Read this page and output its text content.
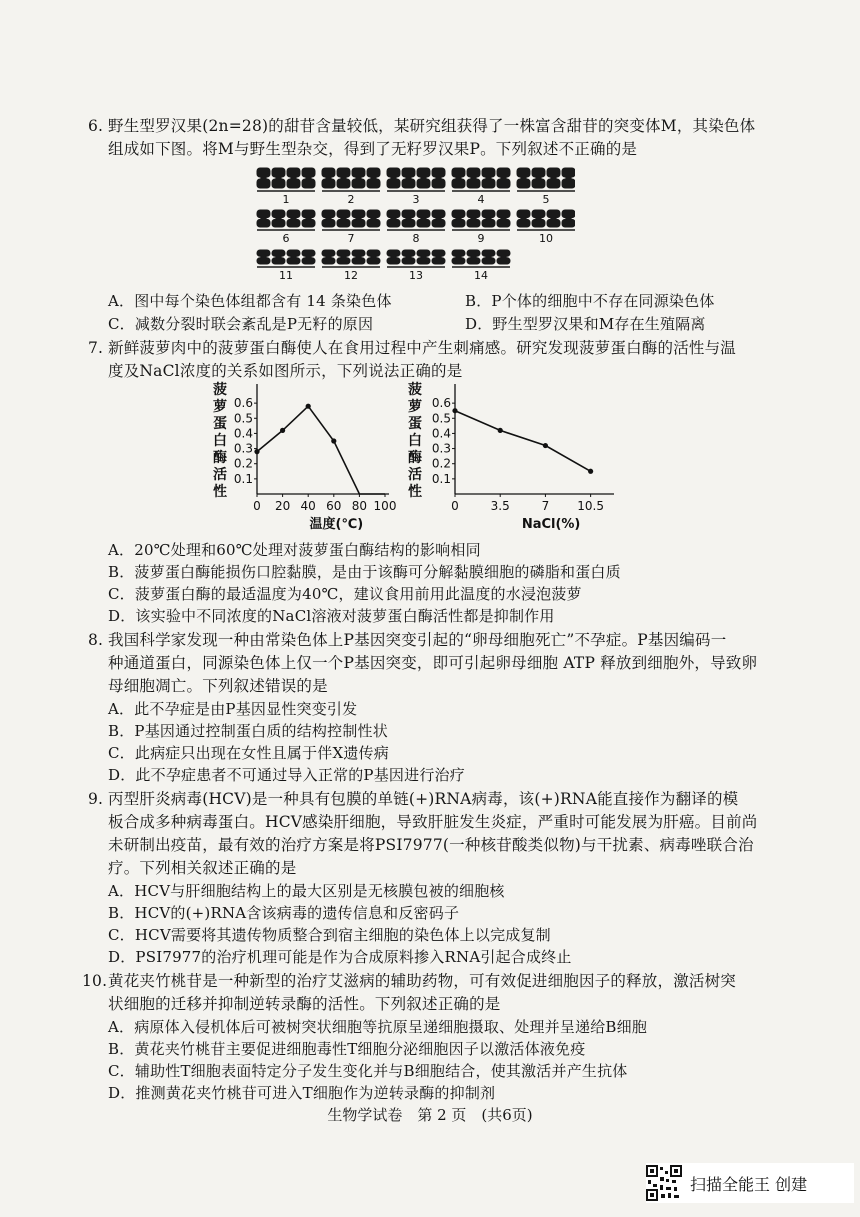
6. 野生型罗汉果(2n=28)的甜苷含量较低，某研究组获得了一株富含甜苷的突变体M，其染色体
组成如下图。将M与野生型杂交，得到了无籽罗汉果P。下列叙述不正确的是
1	2	3	4	5
6	7	8	9	10
11	12	13	14
A．图中每个染色体组都含有 14 条染色体	B．P个体的细胞中不存在同源染色体
C．减数分裂时联会紊乱是P无籽的原因	D．野生型罗汉果和M存在生殖隔离
7. 新鲜菠萝肉中的菠萝蛋白酶使人在食用过程中产生刺痛感。研究发现菠萝蛋白酶的活性与温
度及NaCl浓度的关系如图所示，下列说法正确的是
菠萝蛋白酶活性
0.1
0.2
0.3
0.4
0.5
0.6
0 20 40 60 80 100
温度(℃)
菠萝蛋白酶活性
0.1
0.2
0.3
0.4
0.5
0.6
0	3.5	7 10.5
NaCl(%)
A．20℃处理和60℃处理对菠萝蛋白酶结构的影响相同
B．菠萝蛋白酶能损伤口腔黏膜，是由于该酶可分解黏膜细胞的磷脂和蛋白质
C．菠萝蛋白酶的最适温度为40℃，建议食用前用此温度的水浸泡菠萝
D．该实验中不同浓度的NaCl溶液对菠萝蛋白酶活性都是抑制作用
8. 我国科学家发现一种由常染色体上P基因突变引起的“卵母细胞死亡”不孕症。P基因编码一
种通道蛋白，同源染色体上仅一个P基因突变，即可引起卵母细胞 ATP 释放到细胞外，导致卵
母细胞凋亡。下列叙述错误的是
A．此不孕症是由P基因显性突变引发
B．P基因通过控制蛋白质的结构控制性状
C．此病症只出现在女性且属于伴X遗传病
D．此不孕症患者不可通过导入正常的P基因进行治疗
9. 丙型肝炎病毒(HCV)是一种具有包膜的单链(+)RNA病毒，该(+)RNA能直接作为翻译的模
板合成多种病毒蛋白。HCV感染肝细胞，导致肝脏发生炎症，严重时可能发展为肝癌。目前尚
未研制出疫苗，最有效的治疗方案是将PSI7977(一种核苷酸类似物)与干扰素、病毒唑联合治
疗。下列相关叙述正确的是
A．HCV与肝细胞结构上的最大区别是无核膜包被的细胞核
B．HCV的(+)RNA含该病毒的遗传信息和反密码子
C．HCV需要将其遗传物质整合到宿主细胞的染色体上以完成复制
D．PSI7977的治疗机理可能是作为合成原料掺入RNA引起合成终止
10. 黄花夹竹桃苷是一种新型的治疗艾滋病的辅助药物，可有效促进细胞因子的释放，激活树突
状细胞的迁移并抑制逆转录酶的活性。下列叙述正确的是
A．病原体入侵机体后可被树突状细胞等抗原呈递细胞摄取、处理并呈递给B细胞
B．黄花夹竹桃苷主要促进细胞毒性T细胞分泌细胞因子以激活体液免疫
C．辅助性T细胞表面特定分子发生变化并与B细胞结合，使其激活并产生抗体
D．推测黄花夹竹桃苷可进入T细胞作为逆转录酶的抑制剂
生物学试卷　第 2 页　(共6页)
扫描全能王 创建
